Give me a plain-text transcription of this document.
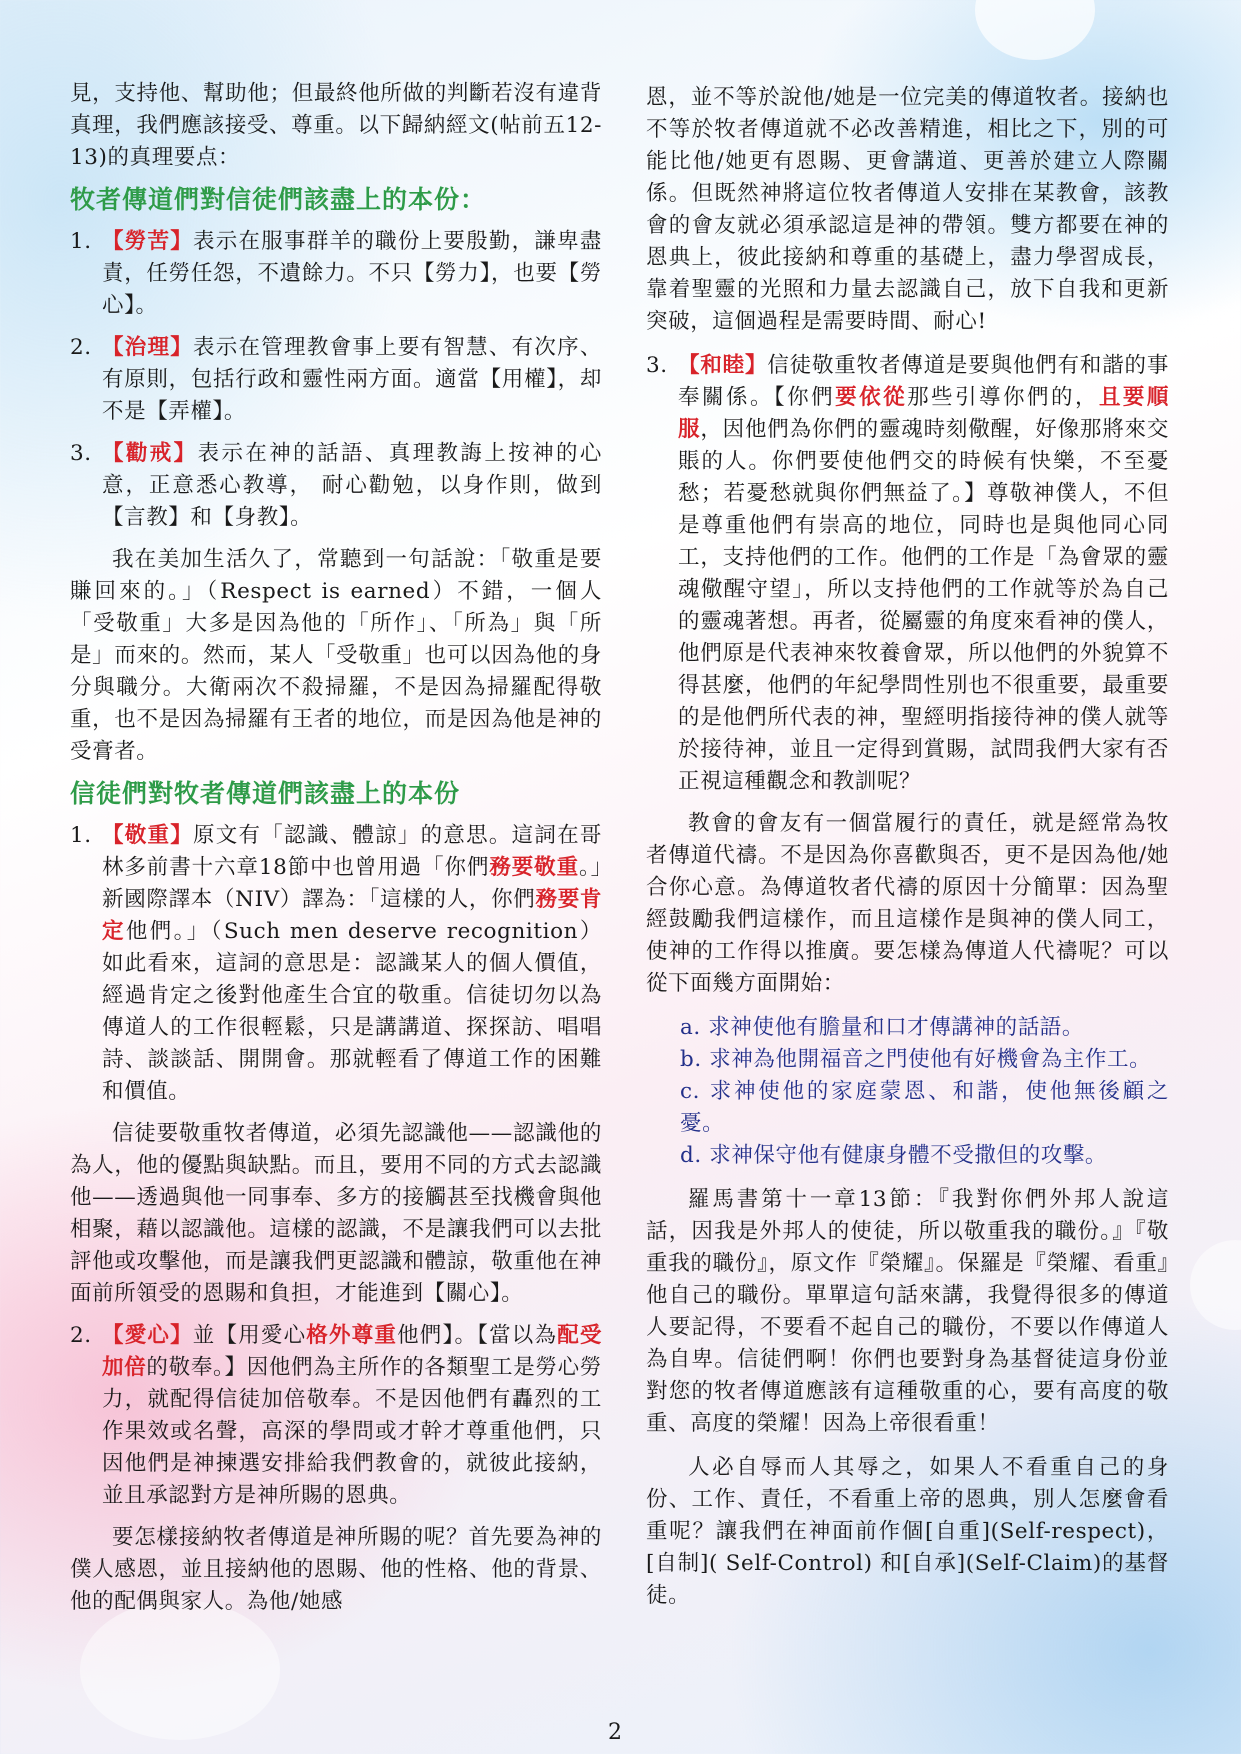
見，支持他、幫助他；但最終他所做的判斷若沒有違背真理，我們應該接受、尊重。以下歸納經文(帖前五12-13)的真理要点：

牧者傳道們對信徒們該盡上的本份：
1. 【勞苦】表示在服事群羊的職份上要殷勤，謙卑盡責，任勞任怨，不遺餘力。不只【勞力】，也要【勞心】。
2. 【治理】表示在管理教會事上要有智慧、有次序、有原則，包括行政和靈性兩方面。適當【用權】，却不是【弄權】。
3. 【勸戒】表示在神的話語、真理教誨上按神的心意，正意悉心教導， 耐心勸勉，以身作則，做到【言教】和【身教】。

我在美加生活久了，常聽到一句話說：「敬重是要賺回來的。」（Respect is earned）不錯，一個人「受敬重」大多是因為他的「所作」、「所為」與「所是」而來的。然而，某人「受敬重」也可以因為他的身分與職分。大衛兩次不殺掃羅，不是因為掃羅配得敬重，也不是因為掃羅有王者的地位，而是因為他是神的受膏者。

信徒們對牧者傳道們該盡上的本份
1. 【敬重】原文有「認識、體諒」的意思。這詞在哥林多前書十六章18節中也曾用過「你們務要敬重。」新國際譯本（NIV）譯為：「這樣的人，你們務要肯定他們。」（Such men deserve recognition）如此看來，這詞的意思是：認識某人的個人價值，經過肯定之後對他產生合宜的敬重。信徒切勿以為傳道人的工作很輕鬆，只是講講道、探探訪、唱唱詩、談談話、開開會。那就輕看了傳道工作的困難和價值。

信徒要敬重牧者傳道，必須先認識他——認識他的為人，他的優點與缺點。而且，要用不同的方式去認識他——透過與他一同事奉、多方的接觸甚至找機會與他相聚，藉以認識他。這樣的認識，不是讓我們可以去批評他或攻擊他，而是讓我們更認識和體諒，敬重他在神面前所領受的恩賜和負担，才能進到【關心】。

2. 【愛心】並【用愛心格外尊重他們】。【當以為配受加倍的敬奉。】因他們為主所作的各類聖工是勞心勞力，就配得信徒加倍敬奉。不是因他們有轟烈的工作果效或名聲，高深的學問或才幹才尊重他們，只因他們是神揀選安排給我們教會的，就彼此接納，並且承認對方是神所賜的恩典。

要怎樣接納牧者傳道是神所賜的呢？首先要為神的僕人感恩，並且接納他的恩賜、他的性格、他的背景、他的配偶與家人。為他/她感

恩，並不等於說他/她是一位完美的傳道牧者。接納也不等於牧者傳道就不必改善精進，相比之下，別的可能比他/她更有恩賜、更會講道、更善於建立人際關係。但既然神將這位牧者傳道人安排在某教會，該教會的會友就必須承認這是神的帶領。雙方都要在神的恩典上，彼此接納和尊重的基礎上，盡力學習成長，靠着聖靈的光照和力量去認識自己，放下自我和更新突破，這個過程是需要時間、耐心!

3. 【和睦】信徒敬重牧者傳道是要與他們有和諧的事奉關係。【你們要依從那些引導你們的，且要順服，因他們為你們的靈魂時刻儆醒，好像那將來交賬的人。你們要使他們交的時候有快樂，不至憂愁；若憂愁就與你們無益了。】尊敬神僕人，不但是尊重他們有崇高的地位，同時也是與他同心同工，支持他們的工作。他們的工作是「為會眾的靈魂儆醒守望」，所以支持他們的工作就等於為自己的靈魂著想。再者，從屬靈的角度來看神的僕人，他們原是代表神來牧養會眾，所以他們的外貌算不得甚麼，他們的年紀學問性別也不很重要，最重要的是他們所代表的神，聖經明指接待神的僕人就等於接待神，並且一定得到賞賜，試問我們大家有否正視這種觀念和教訓呢？

教會的會友有一個當履行的責任，就是經常為牧者傳道代禱。不是因為你喜歡與否，更不是因為他/她合你心意。為傳道牧者代禱的原因十分簡單：因為聖經鼓勵我們這樣作，而且這樣作是與神的僕人同工，使神的工作得以推廣。要怎樣為傳道人代禱呢？可以從下面幾方面開始：

a. 求神使他有膽量和口才傳講神的話語。

b. 求神為他開福音之門使他有好機會為主作工。

c. 求神使他的家庭蒙恩、和諧，使他無後顧之憂。

d. 求神保守他有健康身體不受撒但的攻擊。

羅馬書第十一章13節：『我對你們外邦人說這話，因我是外邦人的使徒，所以敬重我的職份。』『敬重我的職份』，原文作『榮耀』。保羅是『榮耀、看重』他自己的職份。單單這句話來講，我覺得很多的傳道人要記得，不要看不起自己的職份，不要以作傳道人為自卑。信徒們啊！你們也要對身為基督徒這身份並對您的牧者傳道應該有這種敬重的心，要有高度的敬重、高度的榮耀！因為上帝很看重！

人必自辱而人其辱之，如果人不看重自己的身份、工作、責任，不看重上帝的恩典，別人怎麼會看重呢？讓我們在神面前作個[自重](Self-respect)，[自制]( Self-Control) 和[自承](Self-Claim)的基督徒。

2
